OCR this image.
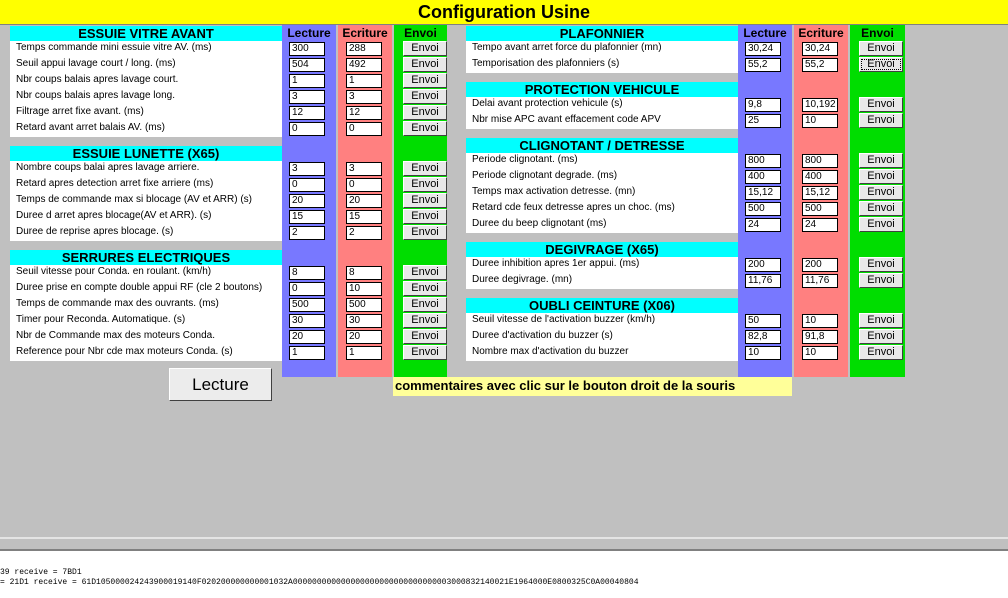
Configuration Usine
Lecture Ecriture	Envoi	Lecture Ecriture	Envoi
ESSUIE VITRE AVANT
Temps commande mini essuie vitre AV. (ms)	300	288	Envoi
Seuil appui lavage court / long. (ms)	504	492	Envoi
Nbr coups balais apres lavage court.	1	1	Envoi
Nbr coups balais apres lavage long.	3	3	Envoi
Filtrage arret fixe avant. (ms)	12	12	Envoi
Retard avant arret balais AV. (ms)	0	0	Envoi
ESSUIE LUNETTE (X65)
Nombre coups balai apres lavage arriere.	3	3	Envoi
Retard apres detection arret fixe arriere (ms)	0	0	Envoi
Temps de commande max si blocage (AV et ARR) (s)	20	20	Envoi
Duree d arret apres blocage(AV et ARR). (s)	15	15	Envoi
Duree de reprise apres blocage. (s)	2	2	Envoi
SERRURES ELECTRIQUES
Seuil vitesse pour Conda. en roulant. (km/h)	8	8	Envoi
Duree prise en compte double appui RF (cle 2 boutons)	0	10	Envoi
Temps de commande max des ouvrants. (ms)	500	500	Envoi
Timer pour Reconda. Automatique. (s)	30	30	Envoi
Nbr de Commande max des moteurs Conda.	20	20	Envoi
Reference pour Nbr cde max moteurs Conda. (s)	1	1	Envoi
PLAFONNIER
Tempo avant arret force du plafonnier (mn)	30,24	30,24	Envoi
Temporisation des plafonniers (s)	55,2	55,2	Envoi
PROTECTION VEHICULE
Delai avant protection vehicule (s)	9,8	10,192	Envoi
Nbr mise APC avant effacement code APV	25	10	Envoi
CLIGNOTANT / DETRESSE
Periode clignotant. (ms)	800	800	Envoi
Periode clignotant degrade. (ms)	400	400	Envoi
Temps max activation detresse. (mn)	15,12	15,12	Envoi
Retard cde feux detresse apres un choc. (ms)	500	500	Envoi
Duree du beep clignotant (ms)	24	24	Envoi
DEGIVRAGE (X65)
Duree inhibition apres 1er appui. (ms)	200	200	Envoi
Duree degivrage. (mn)	11,76	11,76	Envoi
OUBLI CEINTURE (X06)
Seuil vitesse de l'activation buzzer (km/h)	50	10	Envoi
Duree d'activation du buzzer (s)	82,8	91,8	Envoi
Nombre max d'activation du buzzer	10	10	Envoi
Lecture	commentaires avec clic sur le bouton droit de la souris
39 receive = 7BD1
= 21D1 receive = 61D105000024243900019140F020200000000001032A000000000000000000000000000000003000832140021E1964000E0800325C0A00040804
